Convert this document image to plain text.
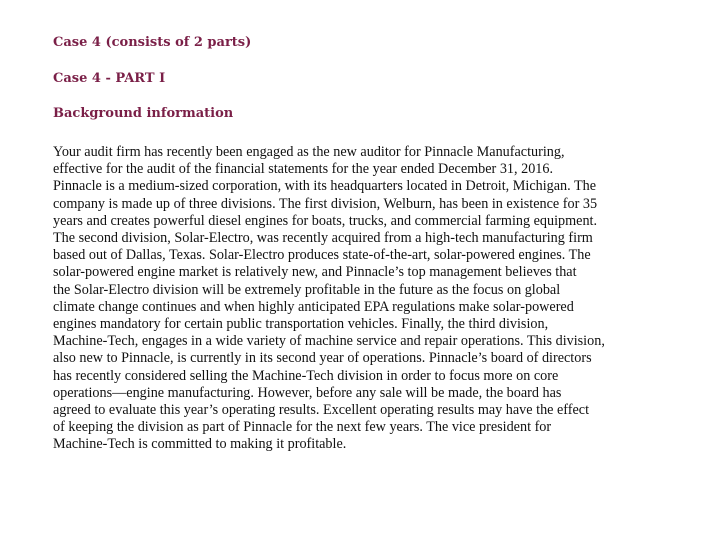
Case 4 (consists of 2 parts)
Case 4 - PART I
Background information

Your audit firm has recently been engaged as the new auditor for Pinnacle Manufacturing,
effective for the audit of the financial statements for the year ended December 31, 2016.
Pinnacle is a medium-sized corporation, with its headquarters located in Detroit, Michigan. The
company is made up of three divisions. The first division, Welburn, has been in existence for 35
years and creates powerful diesel engines for boats, trucks, and commercial farming equipment.
The second division, Solar-Electro, was recently acquired from a high-tech manufacturing firm
based out of Dallas, Texas. Solar-Electro produces state-of-the-art, solar-powered engines. The
solar-powered engine market is relatively new, and Pinnacle’s top management believes that
the Solar-Electro division will be extremely profitable in the future as the focus on global
climate change continues and when highly anticipated EPA regulations make solar-powered
engines mandatory for certain public transportation vehicles. Finally, the third division,
Machine-Tech, engages in a wide variety of machine service and repair operations. This division,
also new to Pinnacle, is currently in its second year of operations. Pinnacle’s board of directors
has recently considered selling the Machine-Tech division in order to focus more on core
operations—engine manufacturing. However, before any sale will be made, the board has
agreed to evaluate this year’s operating results. Excellent operating results may have the effect
of keeping the division as part of Pinnacle for the next few years. The vice president for
Machine-Tech is committed to making it profitable.
